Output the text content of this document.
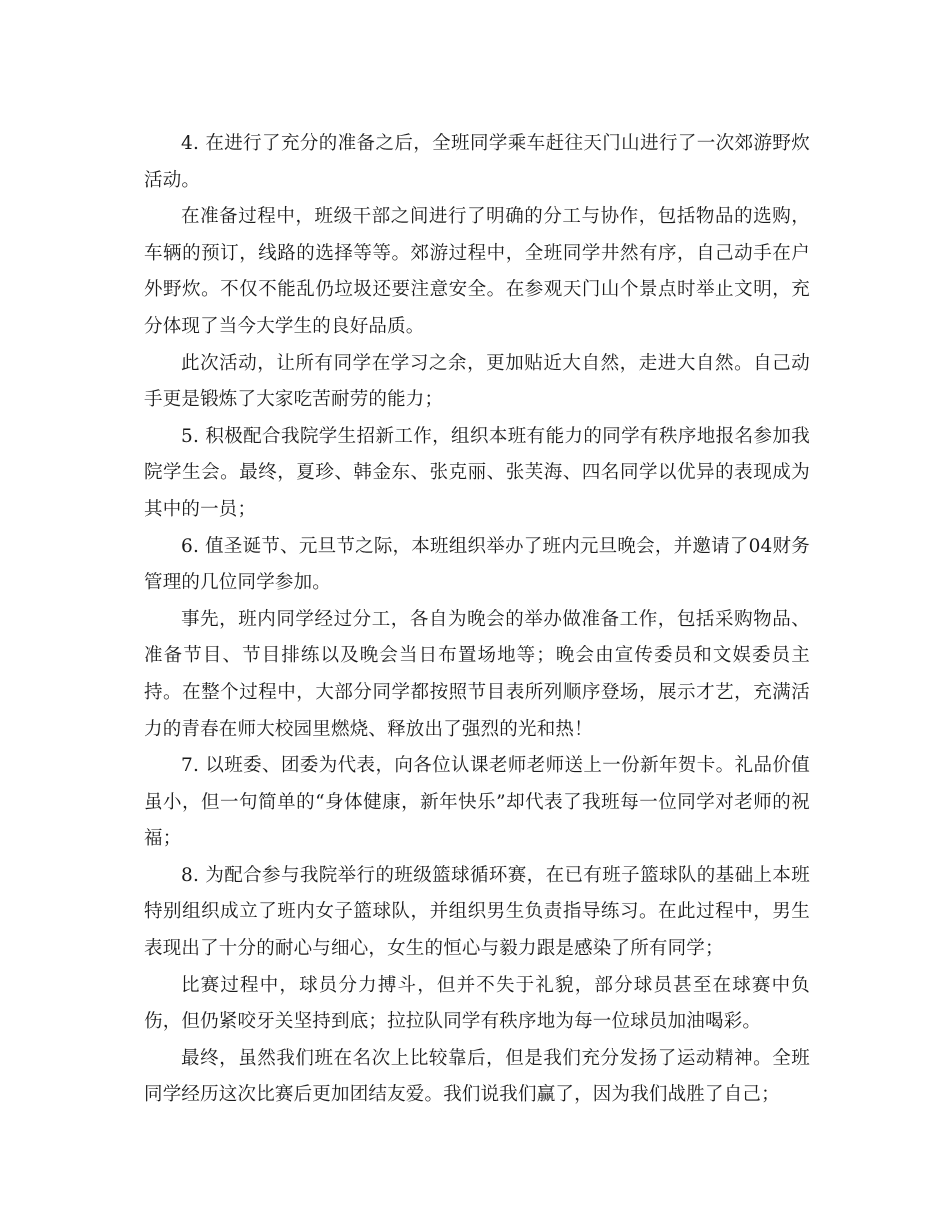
4. 在进行了充分的准备之后，全班同学乘车赶往天门山进行了一次郊游野炊活动。

在准备过程中，班级干部之间进行了明确的分工与协作，包括物品的选购，车辆的预订，线路的选择等等。郊游过程中，全班同学井然有序，自己动手在户外野炊。不仅不能乱仍垃圾还要注意安全。在参观天门山个景点时举止文明，充分体现了当今大学生的良好品质。

此次活动，让所有同学在学习之余，更加贴近大自然，走进大自然。自己动手更是锻炼了大家吃苦耐劳的能力；

5. 积极配合我院学生招新工作，组织本班有能力的同学有秩序地报名参加我院学生会。最终，夏珍、韩金东、张克丽、张芙海、四名同学以优异的表现成为其中的一员；

6. 值圣诞节、元旦节之际，本班组织举办了班内元旦晚会，并邀请了04财务管理的几位同学参加。

事先，班内同学经过分工，各自为晚会的举办做准备工作，包括采购物品、准备节目、节目排练以及晚会当日布置场地等；晚会由宣传委员和文娱委员主持。在整个过程中，大部分同学都按照节目表所列顺序登场，展示才艺，充满活力的青春在师大校园里燃烧、释放出了强烈的光和热！

7. 以班委、团委为代表，向各位认课老师老师送上一份新年贺卡。礼品价值虽小，但一句简单的“身体健康，新年快乐”却代表了我班每一位同学对老师的祝福；

8. 为配合参与我院举行的班级篮球循环赛，在已有班子篮球队的基础上本班特别组织成立了班内女子篮球队，并组织男生负责指导练习。在此过程中，男生表现出了十分的耐心与细心，女生的恒心与毅力跟是感染了所有同学；

比赛过程中，球员分力搏斗，但并不失于礼貌，部分球员甚至在球赛中负伤，但仍紧咬牙关坚持到底；拉拉队同学有秩序地为每一位球员加油喝彩。

最终，虽然我们班在名次上比较靠后，但是我们充分发扬了运动精神。全班同学经历这次比赛后更加团结友爱。我们说我们赢了，因为我们战胜了自己；
